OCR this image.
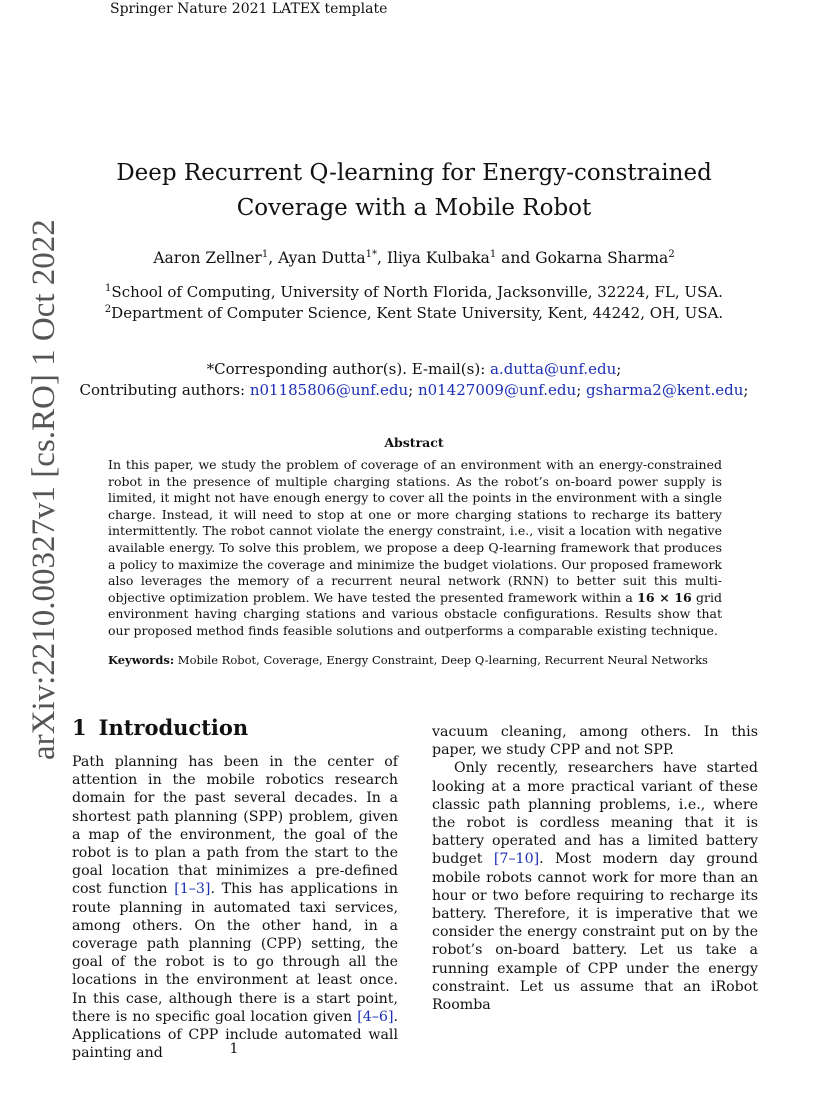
Springer Nature 2021 LATEX template
arXiv:2210.00327v1 [cs.RO] 1 Oct 2022
Deep Recurrent Q-learning for Energy-constrained
Coverage with a Mobile Robot
Aaron Zellner$^1$, Ayan Dutta$^{1*}$, Iliya Kulbaka$^1$ and Gokarna Sharma$^2$
$^1$School of Computing, University of North Florida, Jacksonville, 32224, FL, USA.
$^2$Department of Computer Science, Kent State University, Kent, 44242, OH, USA.
*Corresponding author(s). E-mail(s): a.dutta@unf.edu;
Contributing authors: n01185806@unf.edu; n01427009@unf.edu; gsharma2@kent.edu;
Abstract
In this paper, we study the problem of coverage of an environment with an energy-constrained robot in the presence of multiple charging stations. As the robot’s on-board power supply is limited, it might not have enough energy to cover all the points in the environment with a single charge. Instead, it will need to stop at one or more charging stations to recharge its battery intermittently. The robot cannot violate the energy constraint, i.e., visit a location with negative available energy. To solve this problem, we propose a deep Q-learning framework that produces a policy to maximize the coverage and minimize the budget violations. Our proposed framework also leverages the memory of a recurrent neural network (RNN) to better suit this multi-objective optimization problem. We have tested the presented framework within a 16 × 16 grid environment having charging stations and various obstacle configurations. Results show that our proposed method finds feasible solutions and outperforms a comparable existing technique.
Keywords: Mobile Robot, Coverage, Energy Constraint, Deep Q-learning, Recurrent Neural Networks
1 Introduction

Path planning has been in the center of attention in the mobile robotics research domain for the past several decades. In a shortest path planning (SPP) problem, given a map of the environment, the goal of the robot is to plan a path from the start to the goal location that minimizes a pre-defined cost function [1–3]. This has applications in route planning in automated taxi services, among others. On the other hand, in a coverage path planning (CPP) setting, the goal of the robot is to go through all the locations in the environment at least once. In this case, although there is a start point, there is no specific goal location given [4–6]. Applications of CPP include automated wall painting and

vacuum cleaning, among others. In this paper, we study CPP and not SPP.

Only recently, researchers have started looking at a more practical variant of these classic path planning problems, i.e., where the robot is cordless meaning that it is battery operated and has a limited battery budget [7–10]. Most modern day ground mobile robots cannot work for more than an hour or two before requiring to recharge its battery. Therefore, it is imperative that we consider the energy constraint put on by the robot’s on-board battery. Let us take a running example of CPP under the energy constraint. Let us assume that an iRobot Roomba

1
